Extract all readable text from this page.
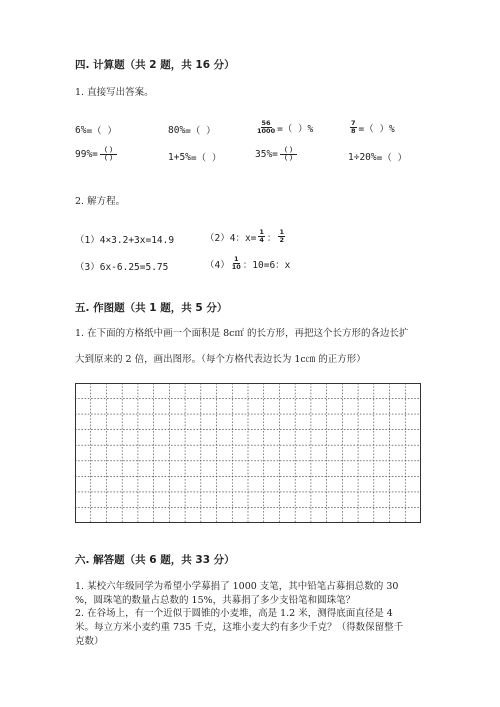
四. 计算题（共 2 题，共 16 分）
1. 直接写出答案。
6% =（ ）	80% =（ ）	$\frac{56}{1000}$ =（ ）%	$\frac{7}{8}$ =（ ）%
$99\% = \frac{( )}{( )}$	1+5% =（ ）	$35\% = \frac{( )}{( )}$	1÷20% =（ ）
2. 解方程。
（1）4×3.2+3x=14.9	（2）4：$x= \frac{1}{4}$ ： $\frac{1}{2}$
（3）6x-6.25=5.75	$(4) \frac{1}{10}$ ：10=6：x
五. 作图题（共 1 题，共 5 分）
1. 在下面的方格纸中画一个面积是 8c㎡ 的长方形，再把这个长方形的各边长扩
大到原来的 2 倍，画出图形。（每个方格代表边长为 1c㎝ 的正方形）
六. 解答题（共 6 题，共 33 分）
1. 某校六年级同学为希望小学募捐了 1000 支笔，其中铅笔占募捐总数的 30
%，圆珠笔的数量占总数的 15%，共募捐了多少支铅笔和圆珠笔？
2. 在谷场上，有一个近似于圆锥的小麦堆，高是 1.2 米，测得底面直径是 4
米。每立方米小麦约重 735 千克，这堆小麦大约有多少千克？（得数保留整千
克数）
